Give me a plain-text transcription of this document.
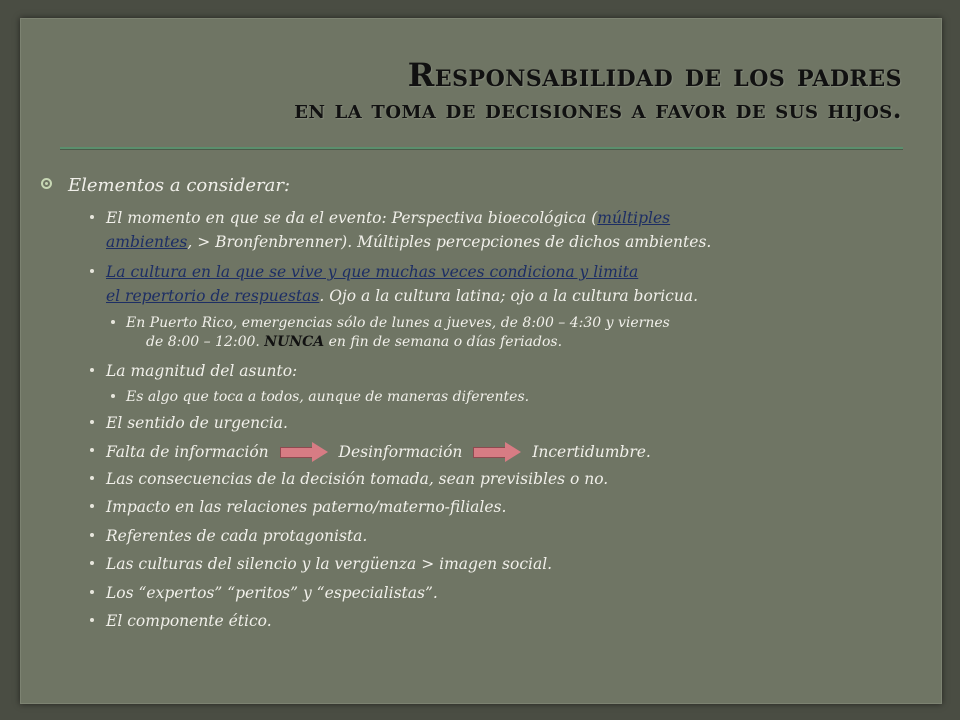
Responsabilidad de los padres
en la toma de decisiones a favor de sus hijos.
Elementos a considerar:
El momento en que se da el evento: Perspectiva bioecológica (múltiples
ambientes, > Bronfenbrenner). Múltiples percepciones de dichos ambientes.
La cultura en la que se vive y que muchas veces condiciona y limita
el repertorio de respuestas. Ojo a la cultura latina; ojo a la cultura boricua.
En Puerto Rico, emergencias sólo de lunes a jueves, de 8:00 – 4:30 y viernes
de 8:00 – 12:00. NUNCA en fin de semana o días feriados.
La magnitud del asunto:
Es algo que toca a todos, aunque de maneras diferentes.
El sentido de urgencia.
Falta de información	Desinformación	Incertidumbre.
Las consecuencias de la decisión tomada, sean previsibles o no.
Impacto en las relaciones paterno/materno-filiales.
Referentes de cada protagonista.
Las culturas del silencio y la vergüenza > imagen social.
Los “expertos” “peritos” y “especialistas”.
El componente ético.
